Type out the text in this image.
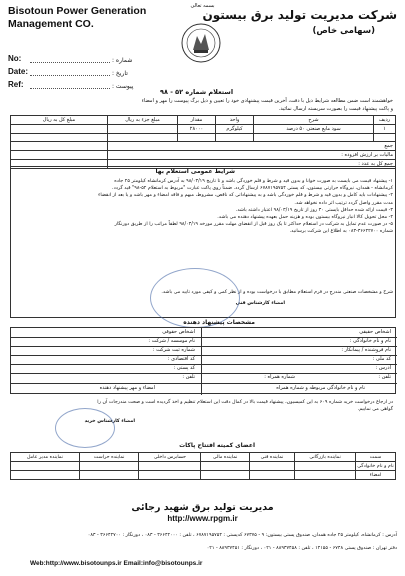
بسمه تعالی
Bisotoun Power Generation
Management CO.
شرکت مدیریت تولید برق بیستون
(سهامی خاص)
No:
Date:
Ref:
شماره :
تاریخ :
پیوست :
استعلام شماره ۵۲ - ۹۸
خواهشمند است ضمن مطالعه شرایط ذیل با دقت، آخرین قیمت پیشنهادی خود را تعیین و ذیل برگ پیوست را مهر و امضاء
و پاکت پیشنهاد قیمت را بصورت سربسته ارسال نمائید.
ردیف	شرح	واحد	مقدار	مبلغ جزء به ریال	مبلغ کل به ریال
۱	سود مایع صنعتی ۵۰ درصد	کیلوگرم	۲۸۰۰۰		

جمع					
مالیات بر ارزش افزوده :					
جمع کل به عدد :					
شرایط عمومی استعلام بها
۱- پیشنهاد قیمت می بایست به صورت خوانا و بدون قید و شرط و قلم خوردگی باشد و تا تاریخ ۹۸/۰۳/۱۹ به آدرس کرمانشاه کیلومتر ۲۵ جاده
کرمانشاه - همدان، نیروگاه حرارتی بیستون، کد پستی ۶۷۸۷۱۹۵۷۵۴ ارسال گردد. ضمناً روی پاکت عبارت "مربوط به استعلام ۵۲-۹۸" قید گردد.
۲- پیشنهادات باید کامل و بدون قید و شرط و قلم خوردگی باشد و به پیشنهاداتی که ناقص، مشروط، مبهم و فاقد امضاء و مهر باشد و یا بعد از انقضاء
مدت مقرر واصل گردد ترتیب اثر داده نخواهد شد.
۳- قیمت ارائه شده حداقل بایستی ۳۰ روز از تاریخ ۹۸/۰۳/۱۹ اعتبار داشته باشد.
۴- محل تحویل کالا انبار نیروگاه بیستون بوده و هزینه حمل بعهده پیشنهاد دهنده می باشد.
۵- در صورت عدم تمایل به شرکت در استعلام حداکثر تا یک روز قبل از انقضای مهلت مقرر مورخه ۹۸/۰۳/۱۹ لطفاً مراتب را از طریق دورنگار
شماره ۳۶۶۴۲۷۰۰-۰۸۳ به اطلاع این شرکت برسانید.
شرح و مشخصات صنعتی مندرج در فرم استعلام مطابق با درخواست بوده و از نظر کمی و کیفی مورد تایید می باشد.
امضاء کارشناس فنی
مشخصات پیشنهاد دهنده
اشخاص حقیقی
نام و نام خانوادگی :
نام فروشنده / پیمانکار :
کد ملی :
آدرس :
تلفن :
شماره همراه :
نام و نام خانوادگی مربوطه و شماره همراه
اشخاص حقوقی
نام موسسه / شرکت :
شماره ثبت شرکت :
کد اقتصادی :
کد پستی :
تلفن :
امضاء و مهر پیشنهاد دهنده
در ارجاع درخواست خرید شماره ۶۰۹ به این کمیسیون، پیشنهاد قیمت بالا در کمال دقت این استعلام تنظیم و اخذ گردیده است و صحت مندرجات آن را
گواهی می نماییم.
امضاء کارشناس خرید
اعضای کمیته افتتاح پاکات
سمت	نماینده بازرگانی	نماینده فنی	نماینده مالی	حسابرس داخلی	نماینده حراست	نماینده مدیر عامل
نام و نام خانوادگی						
امضاء						
مدیریت تولید برق شهید رجائی
http://www.rpgm.ir
آدرس : کرمانشاه، کیلومتر ۲۵ جاده همدان، صندوق پستی بیستون: ۹ - ۶۷۳۷۵ کدپستی : ۶۷۸۷۱۹۵۷۵۴ ، تلفن : ۳۶۶۴۲۰۰۰ - ۰۸۳ ، دورنگار : ۳۶۶۴۲۷۰۰ - ۰۸۳
دفتر تهران : صندوق پستی ۶۷۴۸ - ۱۴۱۵۵ ، تلفن : ۸۸۹۳۷۴۵۸ - ۰۲۱ ، دورنگار : ۸۸۹۳۷۴۵۱ - ۰۲۱
Web:http://www.bisotounps.ir Email:info@bisotounps.ir
